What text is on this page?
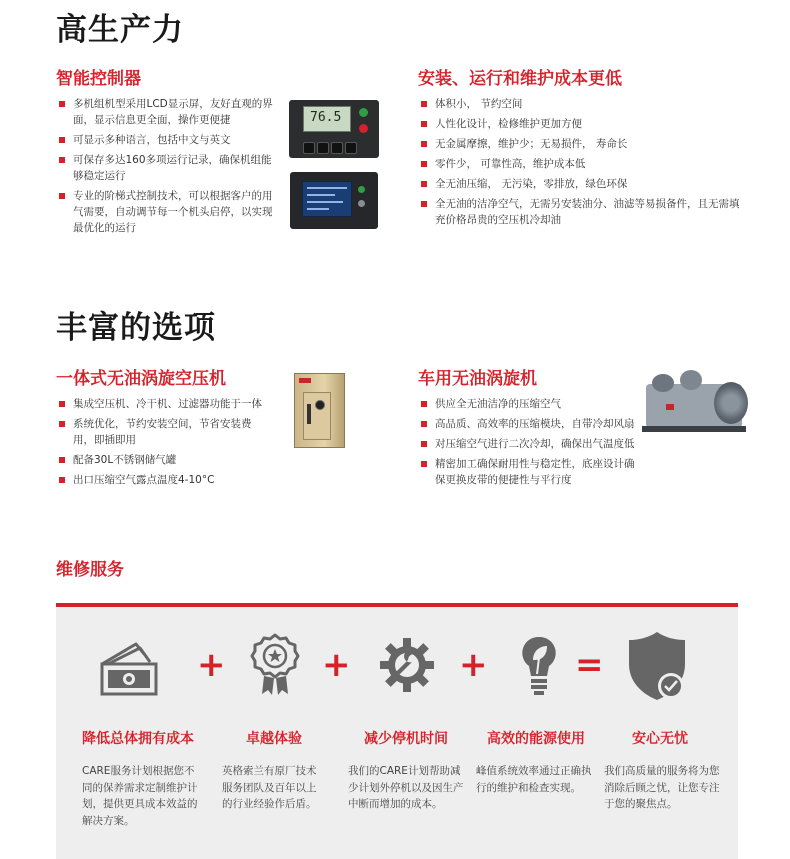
高生产力
智能控制器
多机组机型采用LCD显示屏，友好直观的界面，显示信息更全面，操作更便捷
可显示多种语言，包括中文与英文
可保存多达160多项运行记录，确保机组能够稳定运行
专业的阶梯式控制技术，可以根据客户的用气需要，自动调节每一个机头启停，以实现最优化的运行
76.5
安装、运行和维护成本更低
体积小， 节约空间
人性化设计，检修维护更加方便
无金属摩擦，维护少；无易损件， 寿命长
零件少， 可靠性高，维护成本低
全无油压缩， 无污染，零排放，绿色环保
全无油的洁净空气，无需另安装油分、油滤等易损备件，且无需填充价格昂贵的空压机冷却油
丰富的选项
一体式无油涡旋空压机
集成空压机、冷干机、过滤器功能于一体
系统优化，节约安装空间，节省安装费用，即插即用
配备30L不锈钢储气罐
出口压缩空气露点温度4-10°C
车用无油涡旋机
供应全无油洁净的压缩空气
高品质、高效率的压缩模块，自带冷却风扇
对压缩空气进行二次冷却，确保出气温度低
精密加工确保耐用性与稳定性，底座设计确保更换皮带的便捷性与平行度
维修服务
+	+	+	=
降低总体拥有成本	卓越体验	减少停机时间	高效的能源使用	安心无忧
CARE服务计划根据您不同的保养需求定制维护计划，提供更具成本效益的解决方案。
英格索兰有原厂技术服务团队及百年以上的行业经验作后盾。
我们的CARE计划帮助减少计划外停机以及因生产中断而增加的成本。
峰值系统效率通过正确执行的维护和检查实现。
我们高质量的服务将为您消除后顾之忧，让您专注于您的聚焦点。
